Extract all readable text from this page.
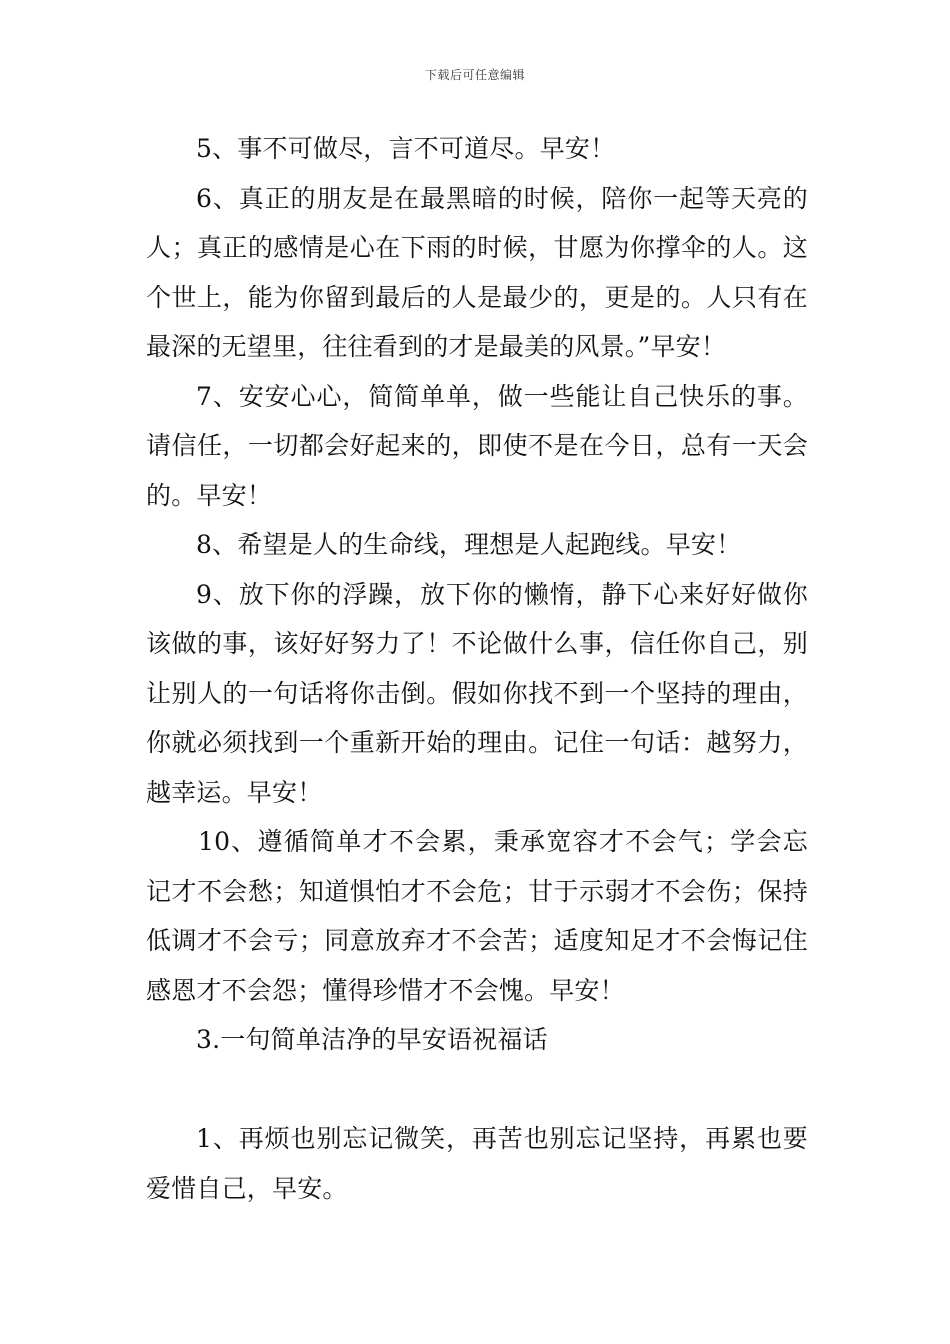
下载后可任意编辑

5、事不可做尽，言不可道尽。早安！

6、真正的朋友是在最黑暗的时候，陪你一起等天亮的人；真正的感情是心在下雨的时候，甘愿为你撑伞的人。这个世上，能为你留到最后的人是最少的，更是的。人只有在最深的无望里，往往看到的才是最美的风景。”早安！

7、安安心心，简简单单，做一些能让自己快乐的事。请信任，一切都会好起来的，即使不是在今日，总有一天会的。早安！

8、希望是人的生命线，理想是人起跑线。早安！

9、放下你的浮躁，放下你的懒惰，静下心来好好做你该做的事，该好好努力了！不论做什么事，信任你自己，别让别人的一句话将你击倒。假如你找不到一个坚持的理由，你就必须找到一个重新开始的理由。记住一句话：越努力，越幸运。早安！

10、遵循简单才不会累，秉承宽容才不会气；学会忘记才不会愁；知道惧怕才不会危；甘于示弱才不会伤；保持低调才不会亏；同意放弃才不会苦；适度知足才不会悔记住感恩才不会怨；懂得珍惜才不会愧。早安！

3.一句简单洁净的早安语祝福话

1、再烦也别忘记微笑，再苦也别忘记坚持，再累也要爱惜自己，早安。
